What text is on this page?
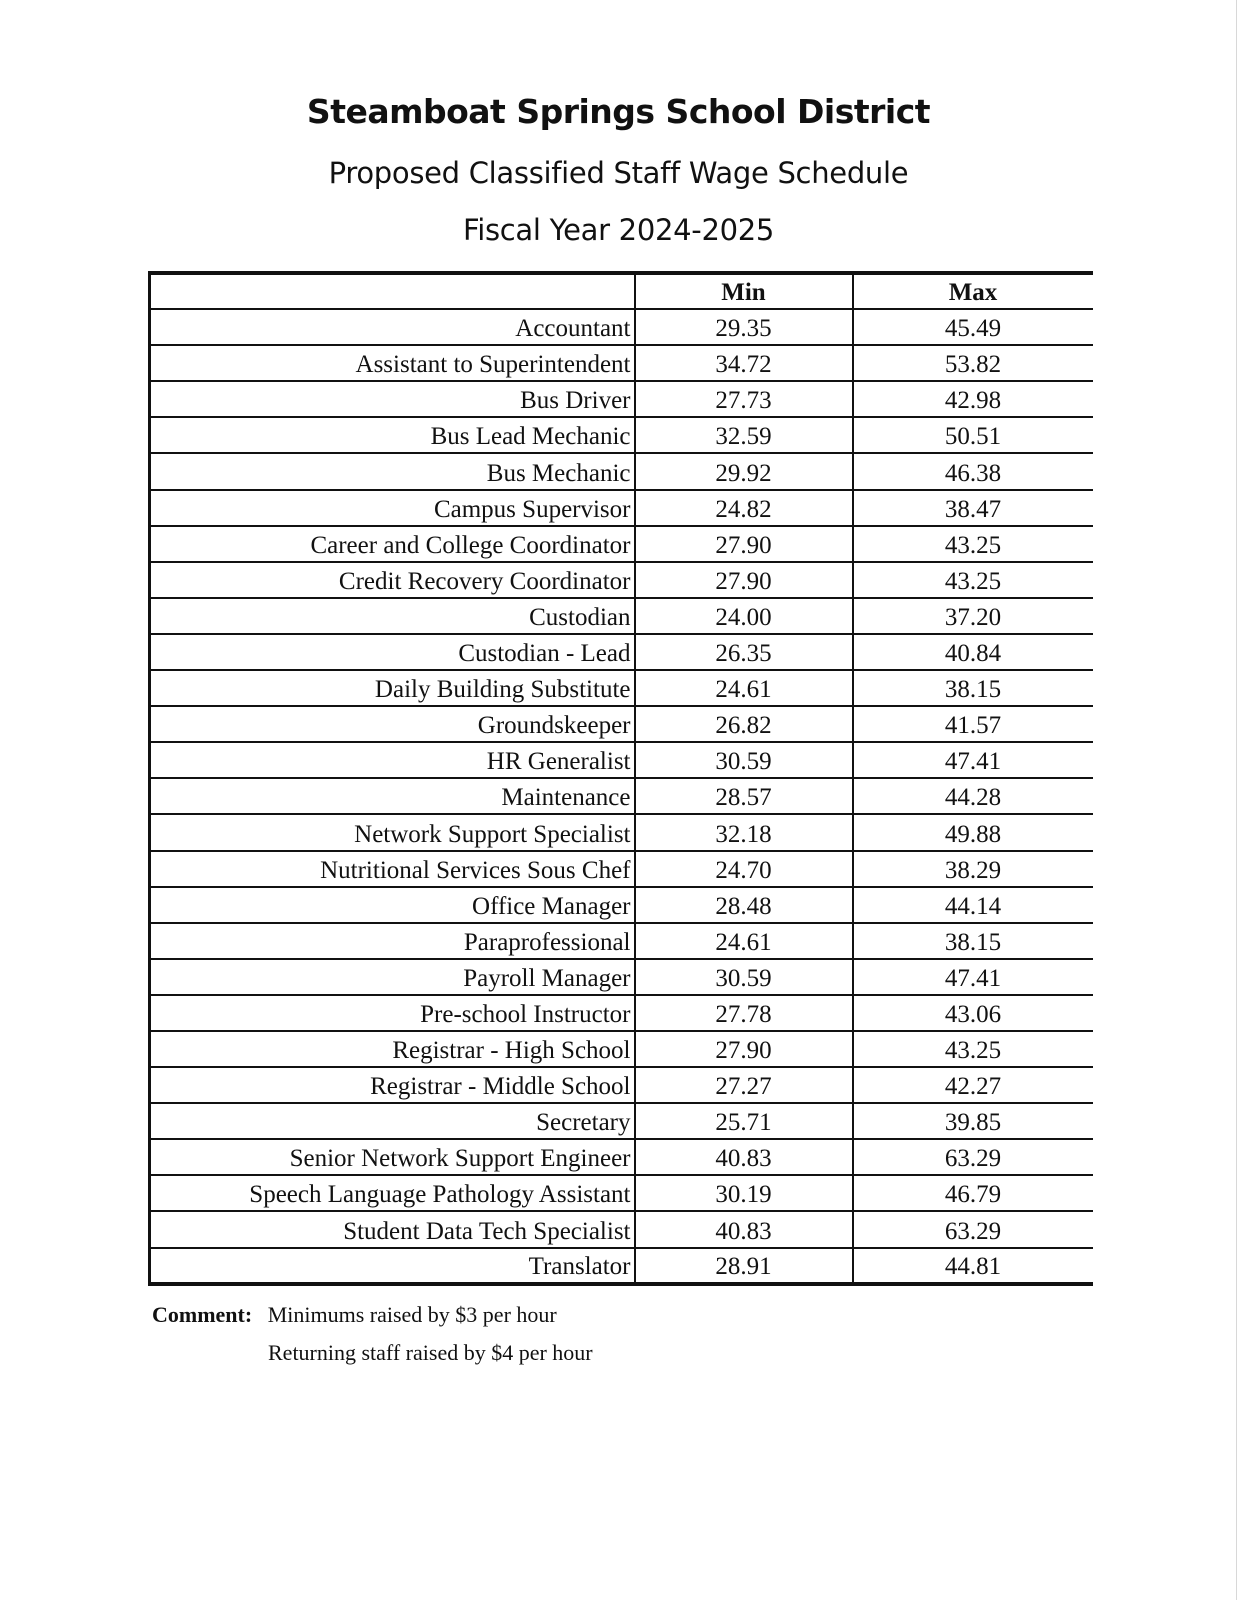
Steamboat Springs School District
Proposed Classified Staff Wage Schedule
Fiscal Year 2024-2025
	Min	Max
Accountant	29.35	45.49
Assistant to Superintendent	34.72	53.82
Bus Driver	27.73	42.98
Bus Lead Mechanic	32.59	50.51
Bus Mechanic	29.92	46.38
Campus Supervisor	24.82	38.47
Career and College Coordinator	27.90	43.25
Credit Recovery Coordinator	27.90	43.25
Custodian	24.00	37.20
Custodian - Lead	26.35	40.84
Daily Building Substitute	24.61	38.15
Groundskeeper	26.82	41.57
HR Generalist	30.59	47.41
Maintenance	28.57	44.28
Network Support Specialist	32.18	49.88
Nutritional Services Sous Chef	24.70	38.29
Office Manager	28.48	44.14
Paraprofessional	24.61	38.15
Payroll Manager	30.59	47.41
Pre-school Instructor	27.78	43.06
Registrar - High School	27.90	43.25
Registrar - Middle School	27.27	42.27
Secretary	25.71	39.85
Senior Network Support Engineer	40.83	63.29
Speech Language Pathology Assistant	30.19	46.79
Student Data Tech Specialist	40.83	63.29
Translator	28.91	44.81
Comment: Minimums raised by $3 per hour
Returning staff raised by $4 per hour
